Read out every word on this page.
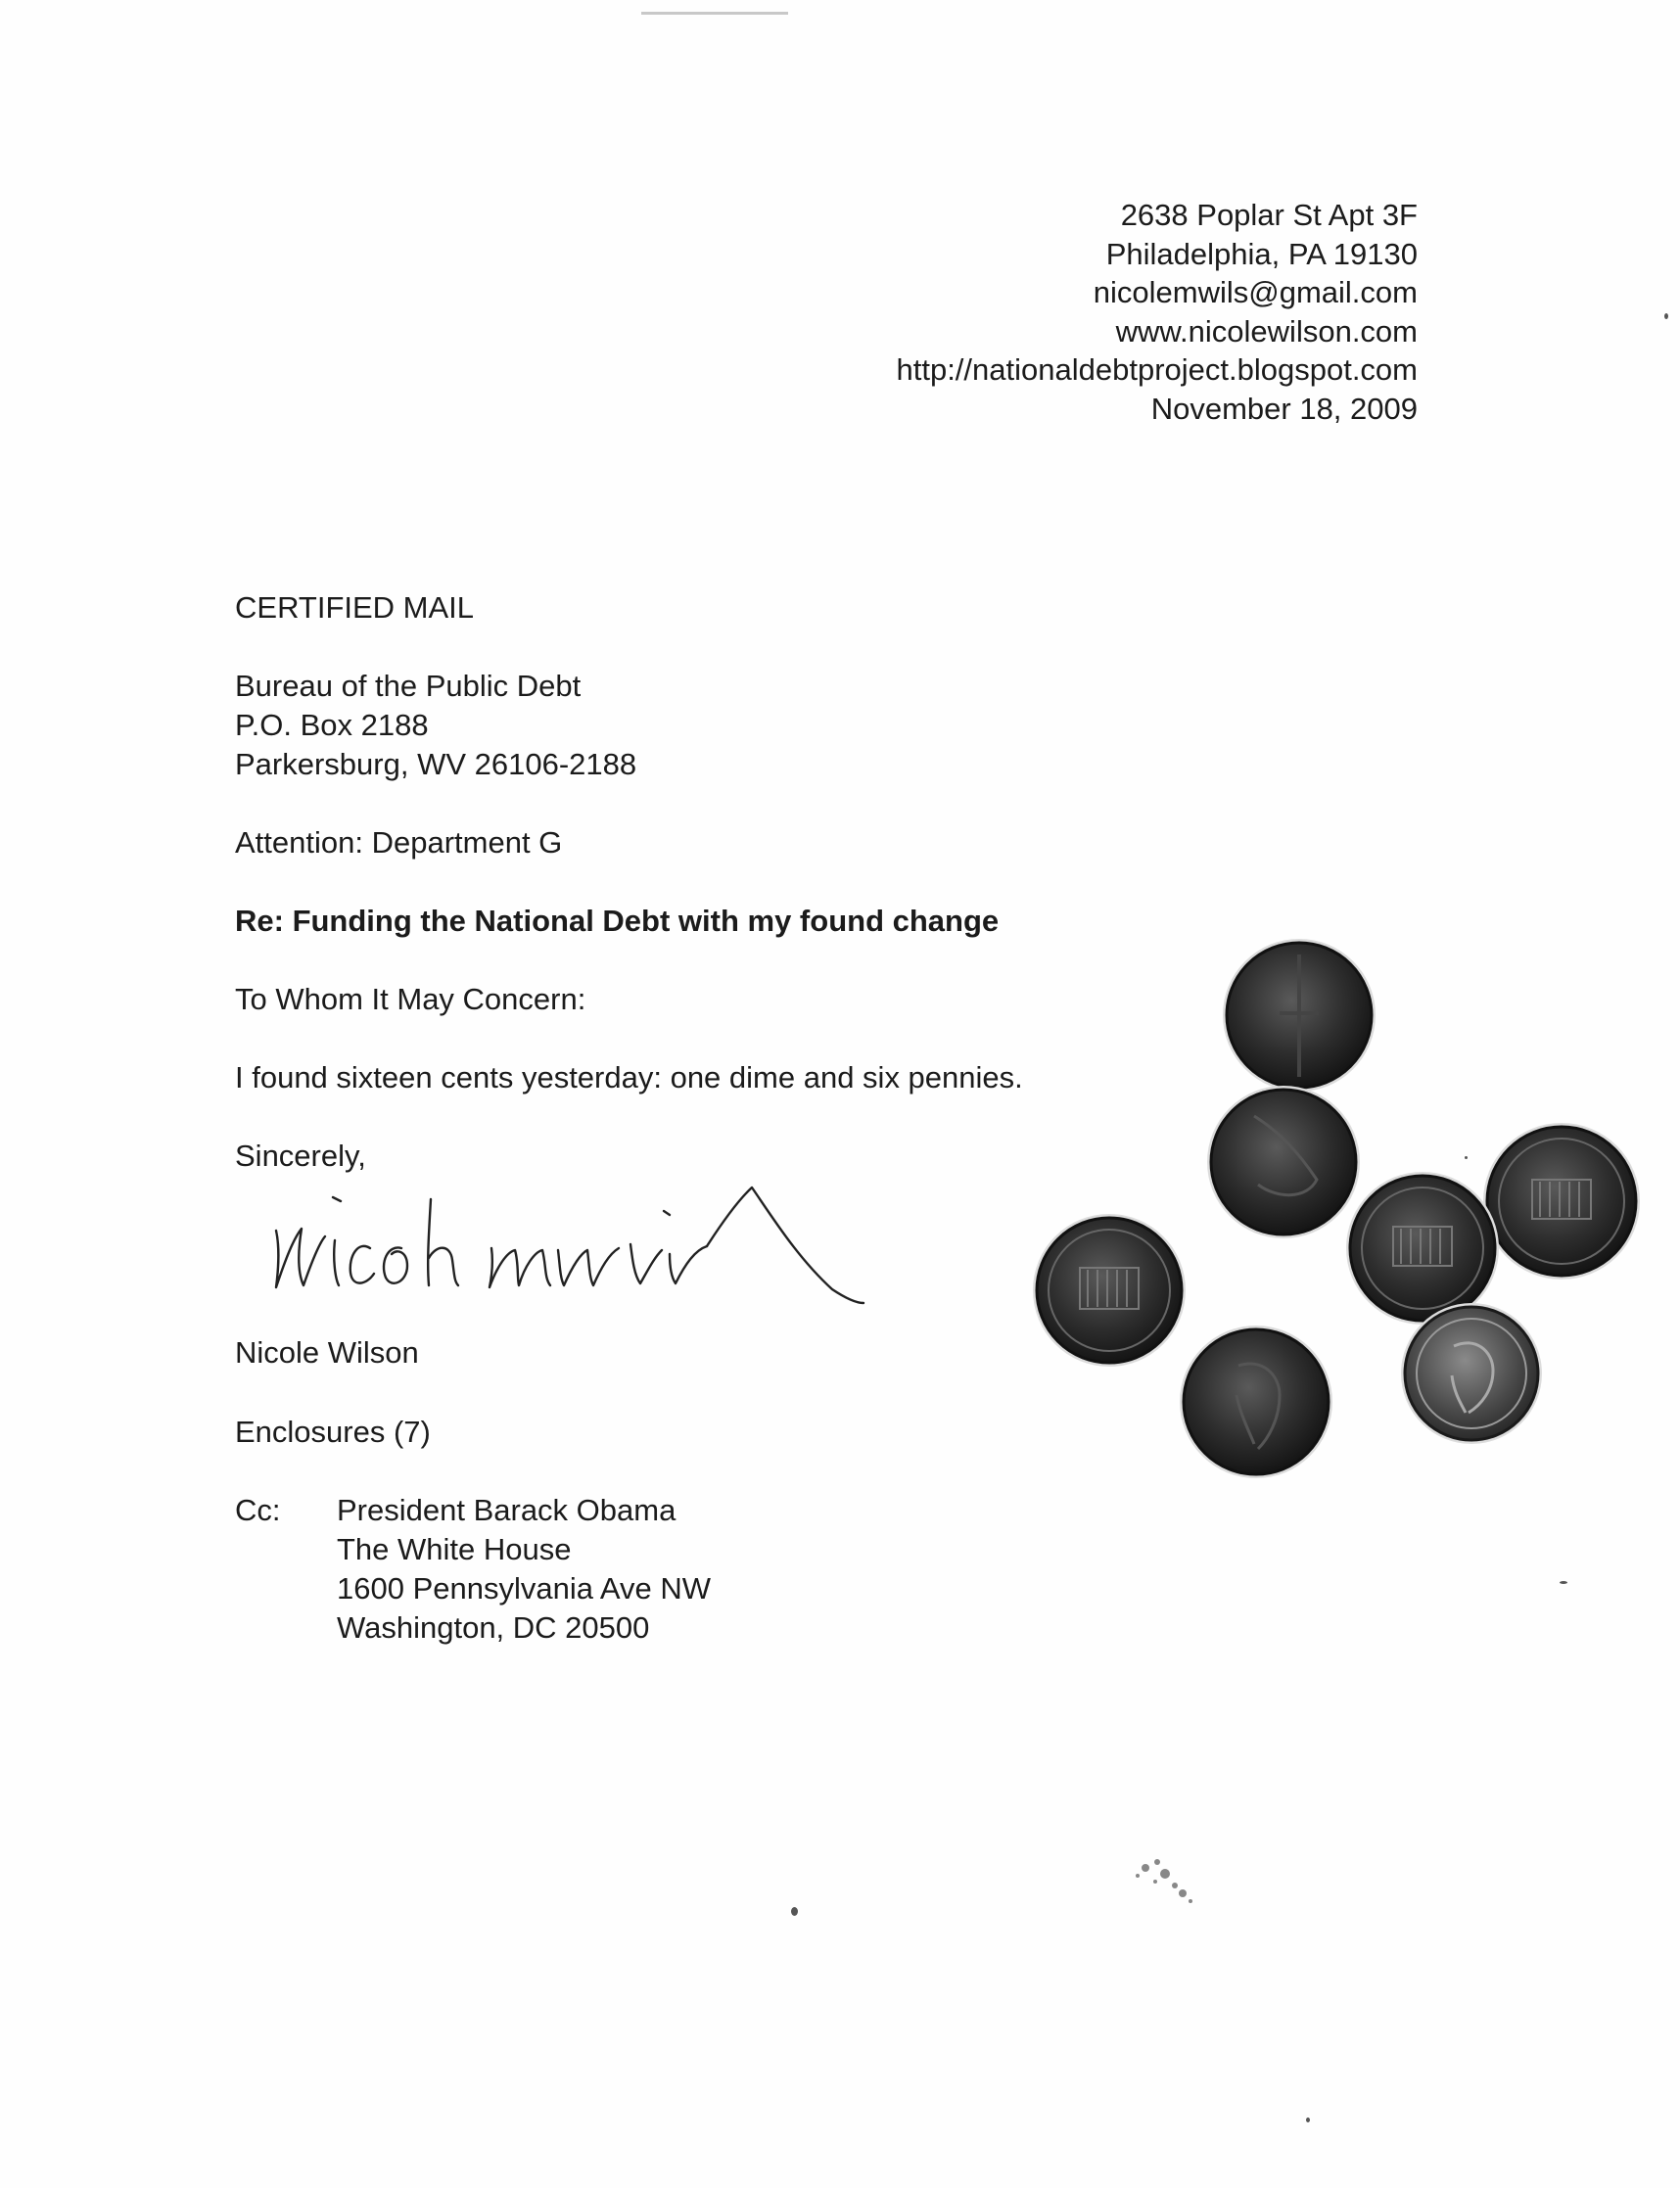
2638 Poplar St Apt 3F
Philadelphia, PA 19130
nicolemwils@gmail.com
www.nicolewilson.com
http://nationaldebtproject.blogspot.com
November 18, 2009
CERTIFIED MAIL
Bureau of the Public Debt
P.O. Box 2188
Parkersburg, WV 26106-2188
Attention: Department G
Re: Funding the National Debt with my found change
To Whom It May Concern:
I found sixteen cents yesterday: one dime and six pennies.
Sincerely,
Nicole Wilson
Enclosures (7)
Cc: President Barack Obama
The White House
1600 Pennsylvania Ave NW
Washington, DC 20500
